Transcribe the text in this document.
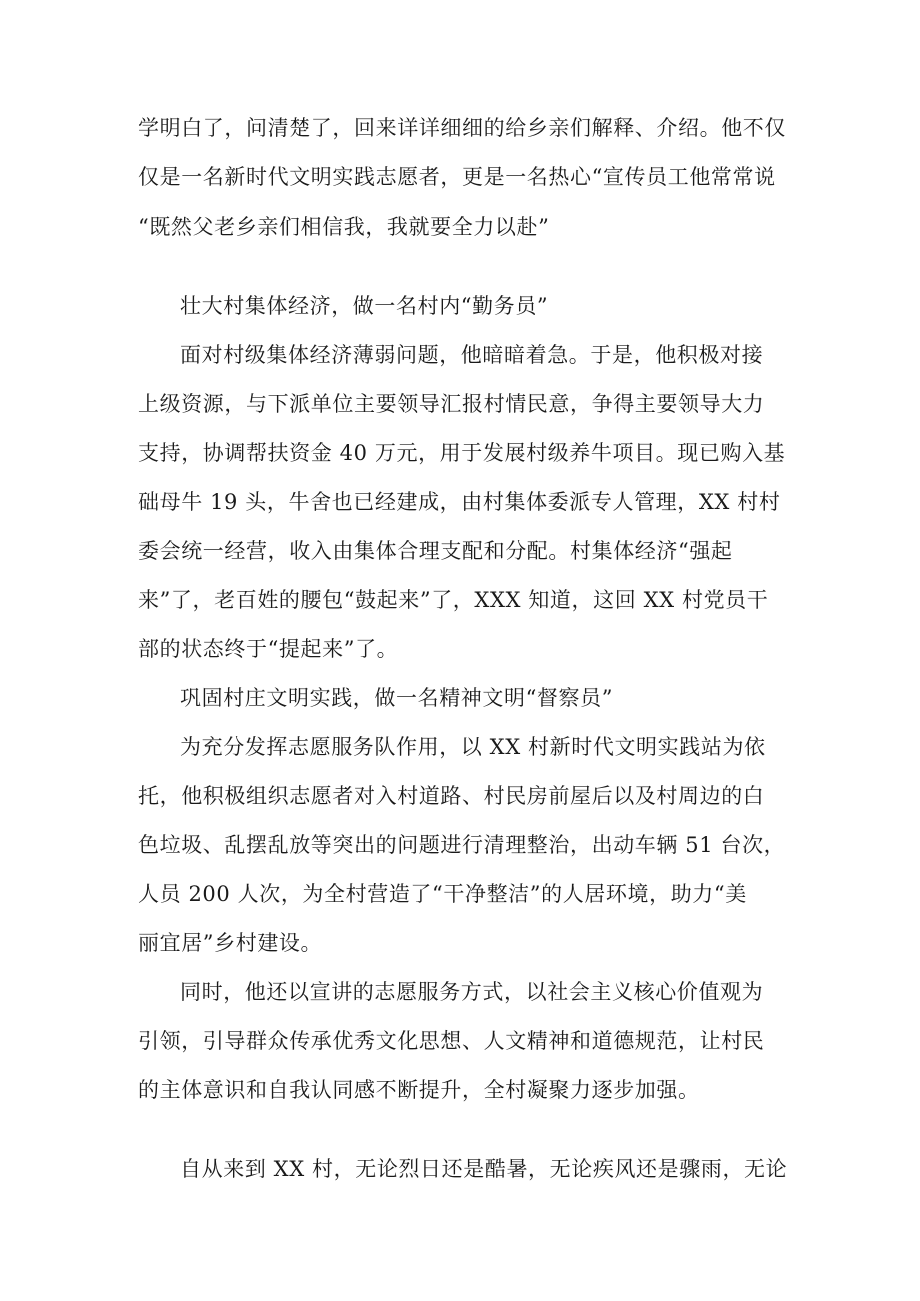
学明白了，问清楚了，回来详详细细的给乡亲们解释、介绍。他不仅
仅是一名新时代文明实践志愿者，更是一名热心“宣传员工他常常说
“既然父老乡亲们相信我，我就要全力以赴”
壮大村集体经济，做一名村内“勤务员”
面对村级集体经济薄弱问题，他暗暗着急。于是，他积极对接
上级资源，与下派单位主要领导汇报村情民意，争得主要领导大力
支持，协调帮扶资金 40 万元，用于发展村级养牛项目。现已购入基
础母牛 19 头，牛舍也已经建成，由村集体委派专人管理，XX 村村
委会统一经营，收入由集体合理支配和分配。村集体经济“强起
来”了，老百姓的腰包“鼓起来”了，XXX 知道，这回 XX 村党员干
部的状态终于“提起来”了。
巩固村庄文明实践，做一名精神文明“督察员”
为充分发挥志愿服务队作用，以 XX 村新时代文明实践站为依
托，他积极组织志愿者对入村道路、村民房前屋后以及村周边的白
色垃圾、乱摆乱放等突出的问题进行清理整治，出动车辆 51 台次，
人员 200 人次，为全村营造了“干净整洁”的人居环境，助力“美
丽宜居”乡村建设。
同时，他还以宣讲的志愿服务方式，以社会主义核心价值观为
引领，引导群众传承优秀文化思想、人文精神和道德规范，让村民
的主体意识和自我认同感不断提升，全村凝聚力逐步加强。
自从来到 XX 村，无论烈日还是酷暑，无论疾风还是骤雨，无论
